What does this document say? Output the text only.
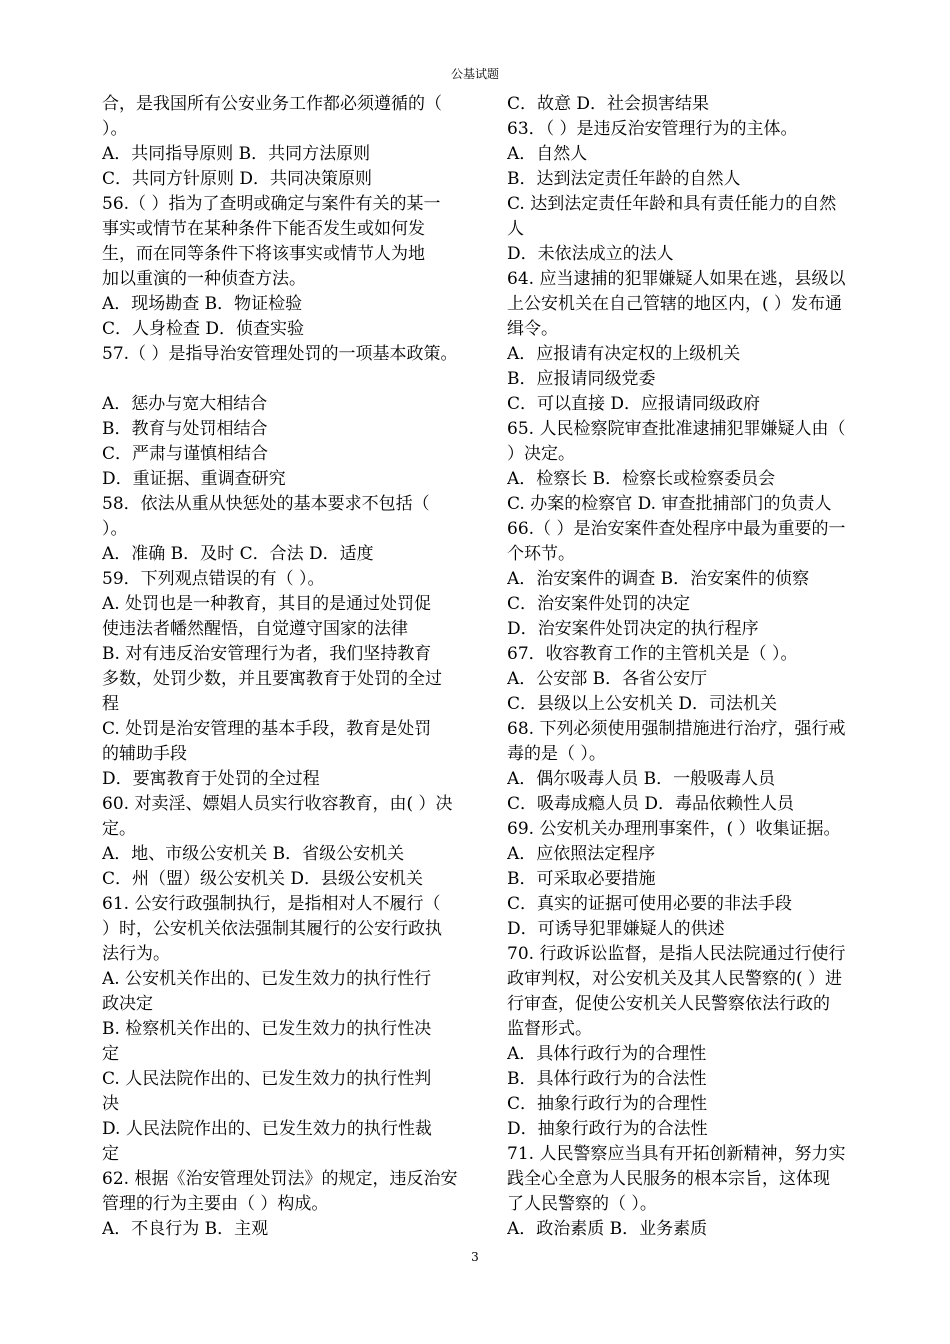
公基试题
合，是我国所有公安业务工作都必须遵循的（
）。
A．共同指导原则 B．共同方法原则
C．共同方针原则 D．共同决策原则
56.（ ）指为了查明或确定与案件有关的某一
事实或情节在某种条件下能否发生或如何发
生，而在同等条件下将该事实或情节人为地
加以重演的一种侦查方法。
A．现场勘查 B．物证检验
C．人身检查 D．侦查实验
57.（ ）是指导治安管理处罚的一项基本政策。
A．惩办与宽大相结合
B．教育与处罚相结合
C．严肃与谨慎相结合
D．重证据、重调查研究
58．依法从重从快惩处的基本要求不包括（
）。
A．准确 B．及时 C．合法 D．适度
59．下列观点错误的有（ ）。
A. 处罚也是一种教育，其目的是通过处罚促
使违法者幡然醒悟，自觉遵守国家的法律
B. 对有违反治安管理行为者，我们坚持教育
多数，处罚少数，并且要寓教育于处罚的全过
程
C. 处罚是治安管理的基本手段，教育是处罚
的辅助手段
D．要寓教育于处罚的全过程
60. 对卖淫、嫖娼人员实行收容教育，由( ）决
定。
A．地、市级公安机关 B．省级公安机关
C．州（盟）级公安机关 D．县级公安机关
61. 公安行政强制执行，是指相对人不履行（
）时，公安机关依法强制其履行的公安行政执
法行为。
A. 公安机关作出的、已发生效力的执行性行
政决定
B. 检察机关作出的、已发生效力的执行性决
定
C. 人民法院作出的、已发生效力的执行性判
决
D. 人民法院作出的、已发生效力的执行性裁
定
62. 根据《治安管理处罚法》的规定，违反治安
管理的行为主要由（ ）构成。
A．不良行为 B．主观
C．故意 D．社会损害结果
63．（ ）是违反治安管理行为的主体。
A．自然人
B．达到法定责任年龄的自然人
C. 达到法定责任年龄和具有责任能力的自然
人
D．未依法成立的法人
64. 应当逮捕的犯罪嫌疑人如果在逃，县级以
上公安机关在自己管辖的地区内，( ）发布通
缉令。
A．应报请有决定权的上级机关
B．应报请同级党委
C．可以直接 D．应报请同级政府
65. 人民检察院审查批准逮捕犯罪嫌疑人由（
）决定。
A．检察长 B．检察长或检察委员会
C. 办案的检察官 D. 审查批捕部门的负责人
66.（ ）是治安案件查处程序中最为重要的一
个环节。
A．治安案件的调查 B．治安案件的侦察
C．治安案件处罚的决定
D．治安案件处罚决定的执行程序
67．收容教育工作的主管机关是（ ）。
A．公安部 B．各省公安厅
C．县级以上公安机关 D．司法机关
68. 下列必须使用强制措施进行治疗，强行戒
毒的是（ ）。
A．偶尔吸毒人员 B．一般吸毒人员
C．吸毒成瘾人员 D．毒品依赖性人员
69. 公安机关办理刑事案件，( ）收集证据。
A．应依照法定程序
B．可采取必要措施
C．真实的证据可使用必要的非法手段
D．可诱导犯罪嫌疑人的供述
70. 行政诉讼监督，是指人民法院通过行使行
政审判权，对公安机关及其人民警察的( ）进
行审查，促使公安机关人民警察依法行政的
监督形式。
A．具体行政行为的合理性
B．具体行政行为的合法性
C．抽象行政行为的合理性
D．抽象行政行为的合法性
71. 人民警察应当具有开拓创新精神，努力实
践全心全意为人民服务的根本宗旨，这体现
了人民警察的（ ）。
A．政治素质 B．业务素质
3
